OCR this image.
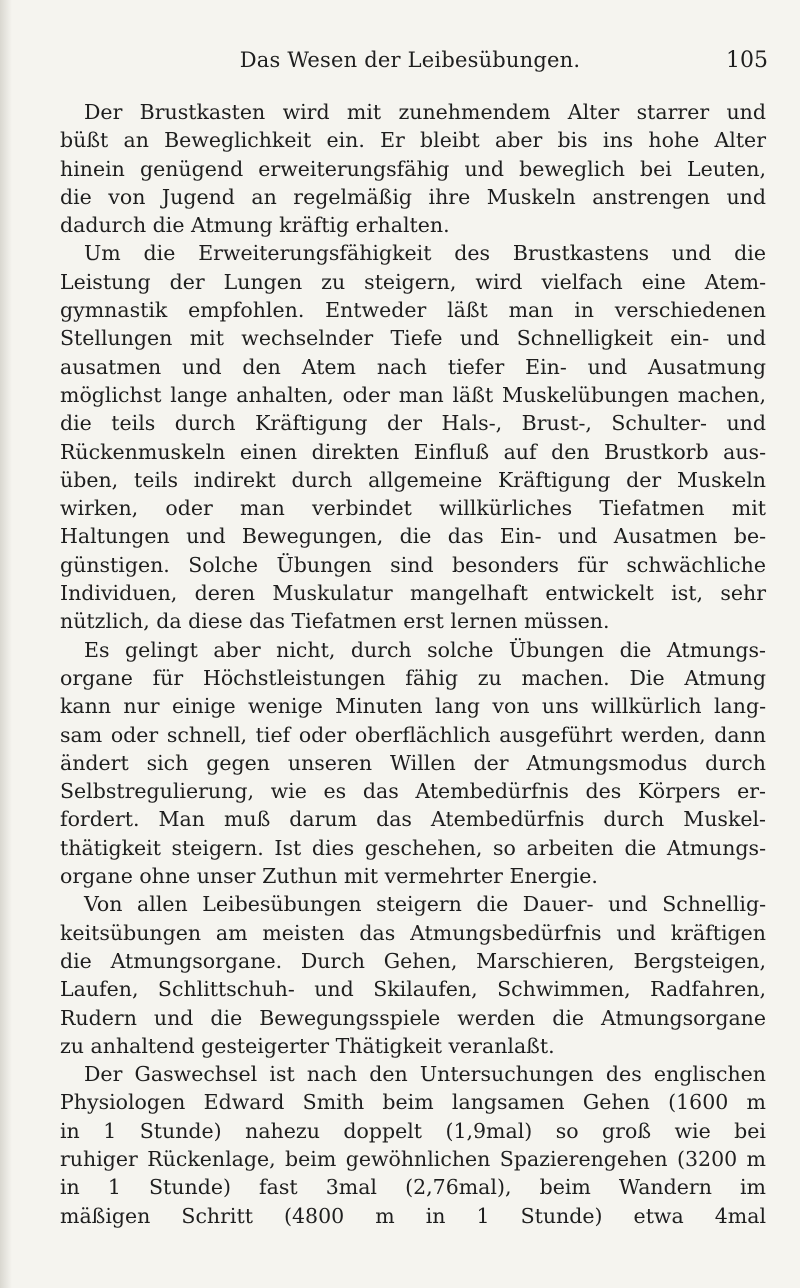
Das Wesen der Leibesübungen.	105
Der Brustkasten wird mit zunehmendem Alter starrer und
büßt an Beweglichkeit ein. Er bleibt aber bis ins hohe Alter
hinein genügend erweiterungsfähig und beweglich bei Leuten,
die von Jugend an regelmäßig ihre Muskeln anstrengen und
dadurch die Atmung kräftig erhalten.
Um die Erweiterungsfähigkeit des Brustkastens und die
Leistung der Lungen zu steigern, wird vielfach eine Atem-
gymnastik empfohlen. Entweder läßt man in verschiedenen
Stellungen mit wechselnder Tiefe und Schnelligkeit ein- und
ausatmen und den Atem nach tiefer Ein- und Ausatmung
möglichst lange anhalten, oder man läßt Muskelübungen machen,
die teils durch Kräftigung der Hals-, Brust-, Schulter- und
Rückenmuskeln einen direkten Einfluß auf den Brustkorb aus-
üben, teils indirekt durch allgemeine Kräftigung der Muskeln
wirken, oder man verbindet willkürliches Tiefatmen mit
Haltungen und Bewegungen, die das Ein- und Ausatmen be-
günstigen. Solche Übungen sind besonders für schwächliche
Individuen, deren Muskulatur mangelhaft entwickelt ist, sehr
nützlich, da diese das Tiefatmen erst lernen müssen.
Es gelingt aber nicht, durch solche Übungen die Atmungs-
organe für Höchstleistungen fähig zu machen. Die Atmung
kann nur einige wenige Minuten lang von uns willkürlich lang-
sam oder schnell, tief oder oberflächlich ausgeführt werden, dann
ändert sich gegen unseren Willen der Atmungsmodus durch
Selbstregulierung, wie es das Atembedürfnis des Körpers er-
fordert. Man muß darum das Atembedürfnis durch Muskel-
thätigkeit steigern. Ist dies geschehen, so arbeiten die Atmungs-
organe ohne unser Zuthun mit vermehrter Energie.
Von allen Leibesübungen steigern die Dauer- und Schnellig-
keitsübungen am meisten das Atmungsbedürfnis und kräftigen
die Atmungsorgane. Durch Gehen, Marschieren, Bergsteigen,
Laufen, Schlittschuh- und Skilaufen, Schwimmen, Radfahren,
Rudern und die Bewegungsspiele werden die Atmungsorgane
zu anhaltend gesteigerter Thätigkeit veranlaßt.
Der Gaswechsel ist nach den Untersuchungen des englischen
Physiologen Edward Smith beim langsamen Gehen (1600 m
in 1 Stunde) nahezu doppelt (1,9mal) so groß wie bei
ruhiger Rückenlage, beim gewöhnlichen Spazierengehen (3200 m
in 1 Stunde) fast 3mal (2,76mal), beim Wandern im
mäßigen Schritt (4800 m in 1 Stunde) etwa 4mal
